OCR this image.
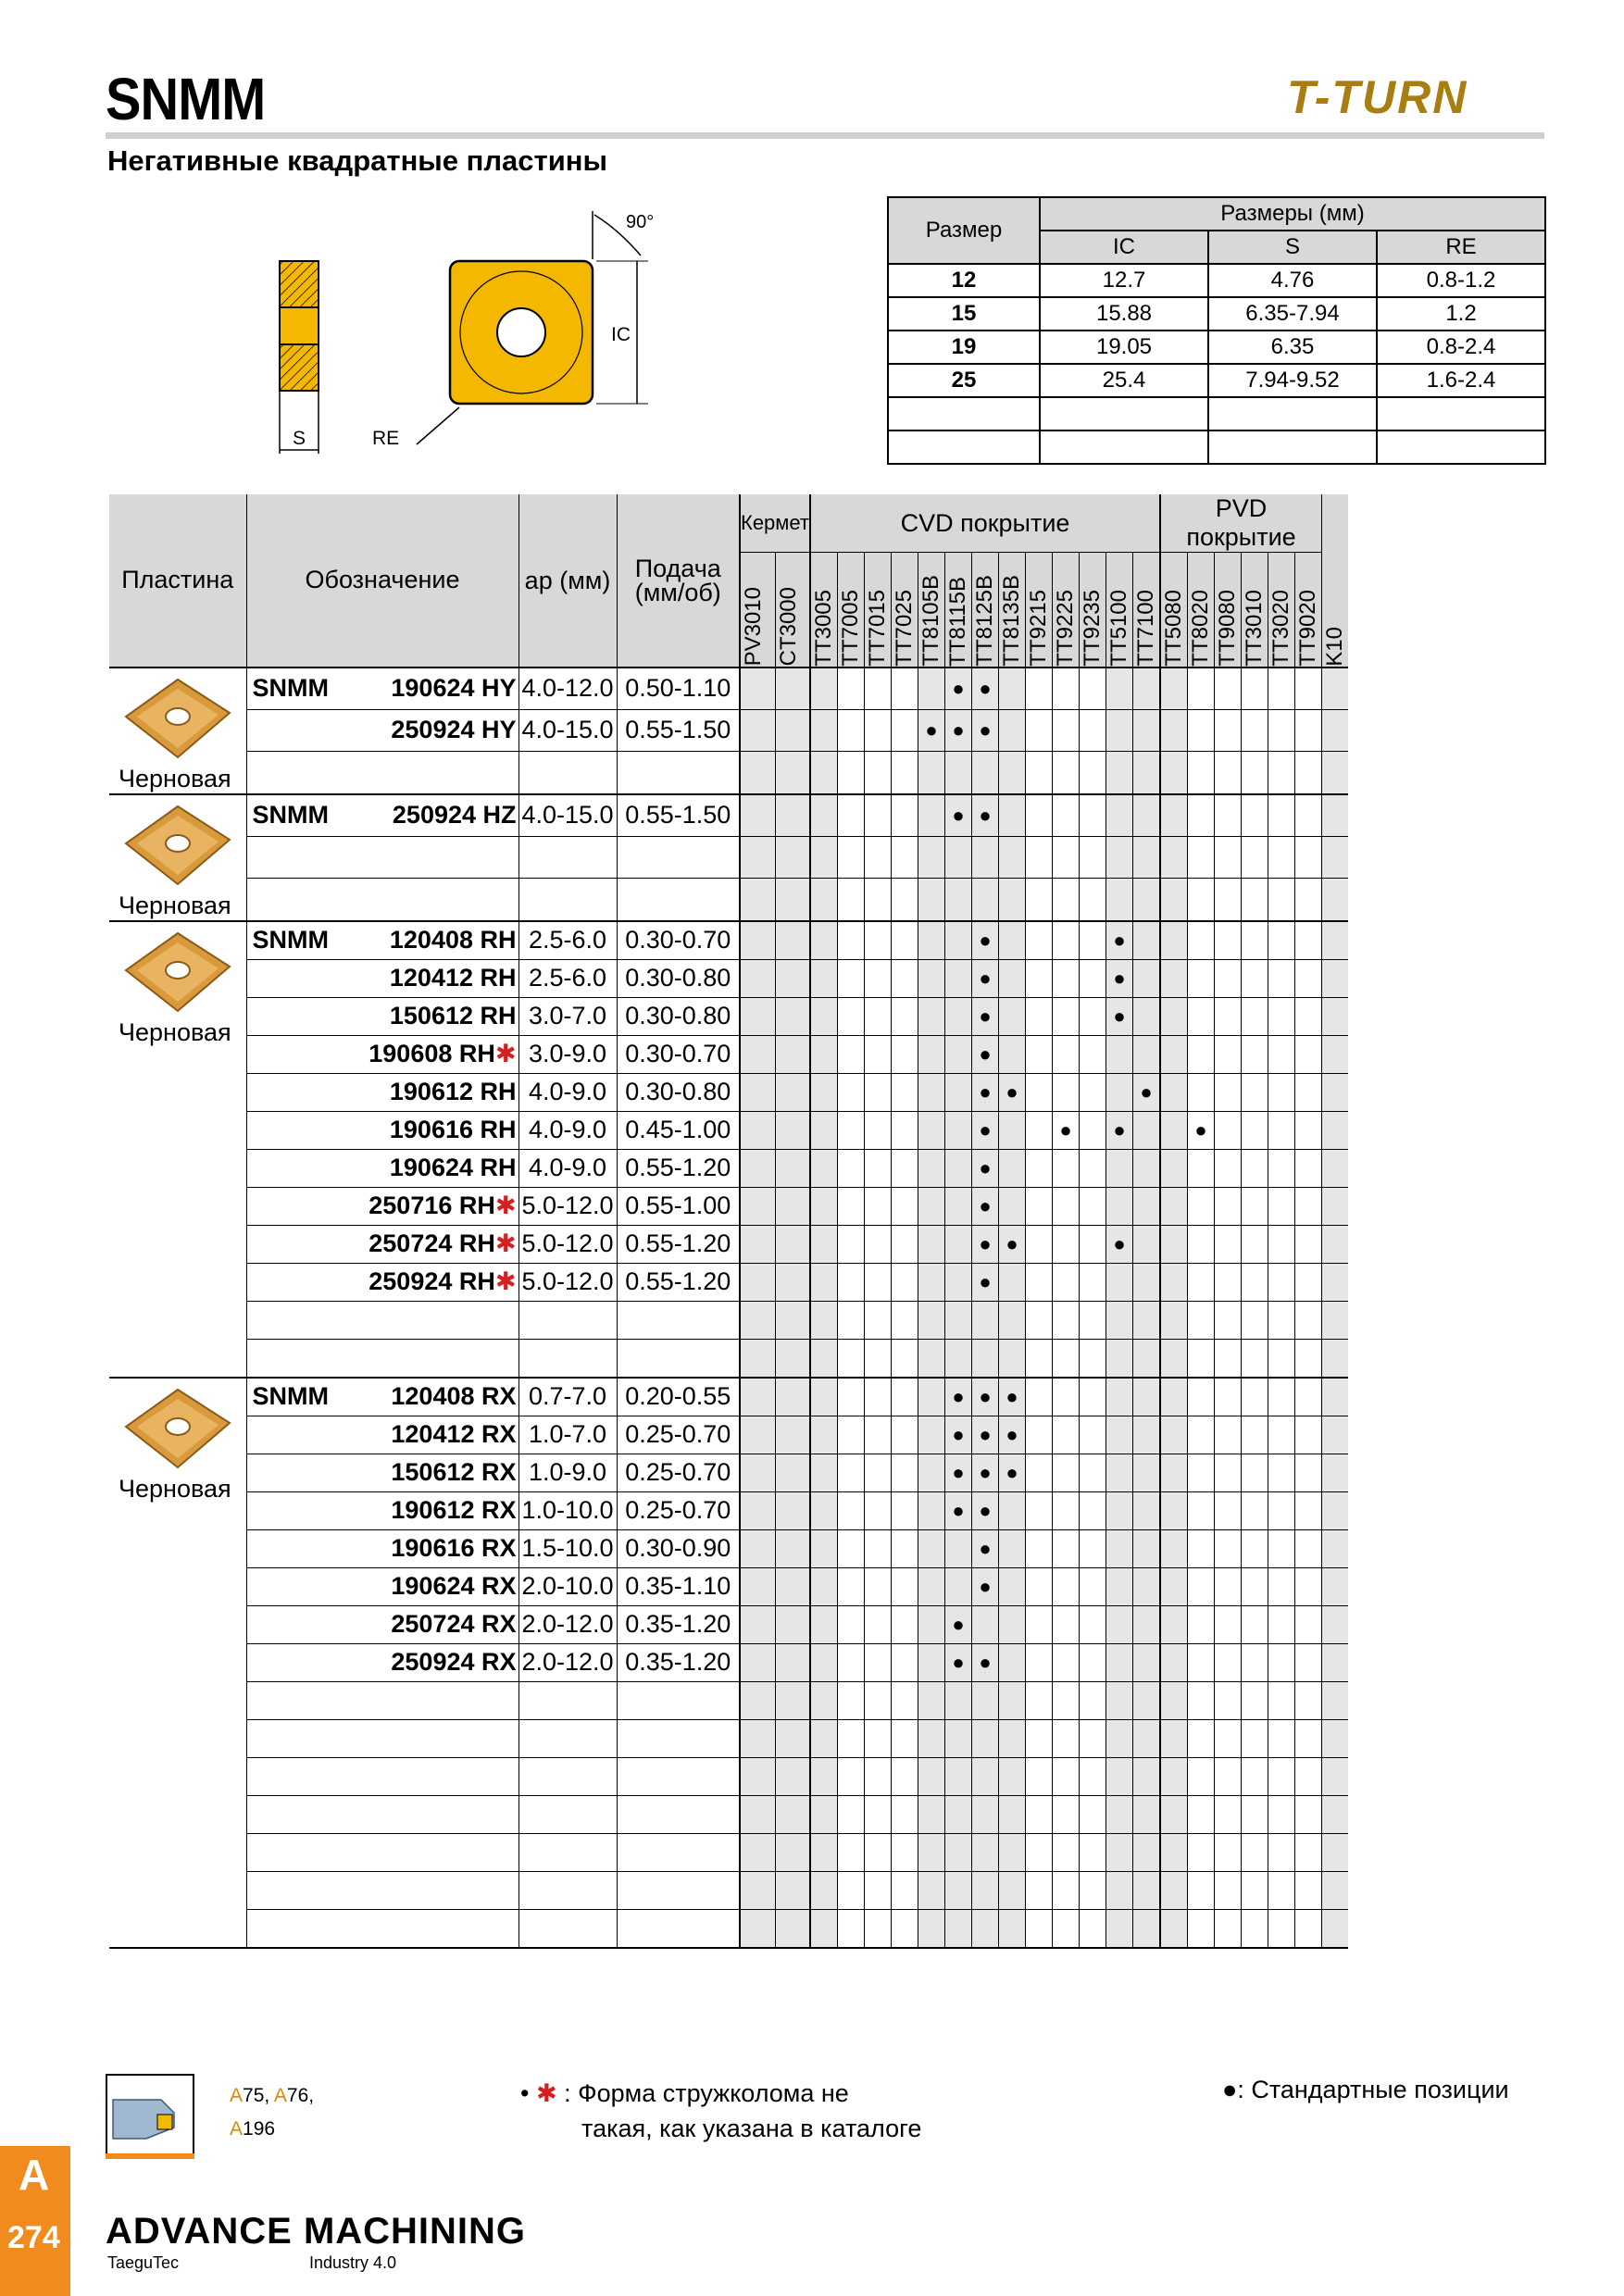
SNMM	T-TURN
Негативные квадратные пластины
S
90°
IC
RE
Размер	Размеры (мм)		
	IC	S	RE
12	12.7	4.76	0.8-1.2
15	15.88	6.35-7.94	1.2
19	19.05	6.35	0.8-2.4
25	25.4	7.94-9.52	1.6-2.4

Пластина	Обозначение	ap (мм)	Подача (мм/об)	Кермет		CVD покрытие													PVD покрытие						

				PV3010	CT3000	TT3005	TT7005	TT7015	TT7025	TT8105B	TT8115B	TT8125B	TT8135B	TT9215	TT9225	TT9235	TT5100	TT7100	TT5080	TT8020	TT9080	TT3010	TT3020	TT9020	K10

Черновая	SNMM 190624 HY	4.0-12.0	0.50-1.10								●	●													

	250924 HY	4.0-15.0	0.55-1.50							●	●	●													

Черновая	SNMM 250924 HZ	4.0-15.0	0.55-1.50								●	●													

Черновая	SNMM 120408 RH	2.5-6.0	0.30-0.70									●					●								

	120412 RH	2.5-6.0	0.30-0.80									●					●								

	150612 RH	3.0-7.0	0.30-0.80									●					●								

	190608 RH✱	3.0-9.0	0.30-0.70									●													

	190612 RH	4.0-9.0	0.30-0.80									●	●					●							

	190616 RH	4.0-9.0	0.45-1.00									●			●		●			●					

	190624 RH	4.0-9.0	0.55-1.20									●													

	250716 RH✱	5.0-12.0	0.55-1.00									●													

	250724 RH✱	5.0-12.0	0.55-1.20									●	●				●								

	250924 RH✱	5.0-12.0	0.55-1.20									●													

Черновая	SNMM 120408 RX	0.7-7.0	0.20-0.55								●	●	●												

	120412 RX	1.0-7.0	0.25-0.70								●	●	●												

	150612 RX	1.0-9.0	0.25-0.70								●	●	●												

	190612 RX	1.0-10.0	0.25-0.70								●	●													

	190616 RX	1.5-10.0	0.30-0.90									●													

	190624 RX	2.0-10.0	0.35-1.10									●													

	250724 RX	2.0-12.0	0.35-1.20								●														

	250924 RX	2.0-12.0	0.35-1.20								●	●													

A75, A76,
A196
• ✱ : Форма стружколома не
такая, как указана в каталоге
●: Стандартные позиции
A
274 ADVANCE MACHINING
TaeguTec	Industry 4.0
